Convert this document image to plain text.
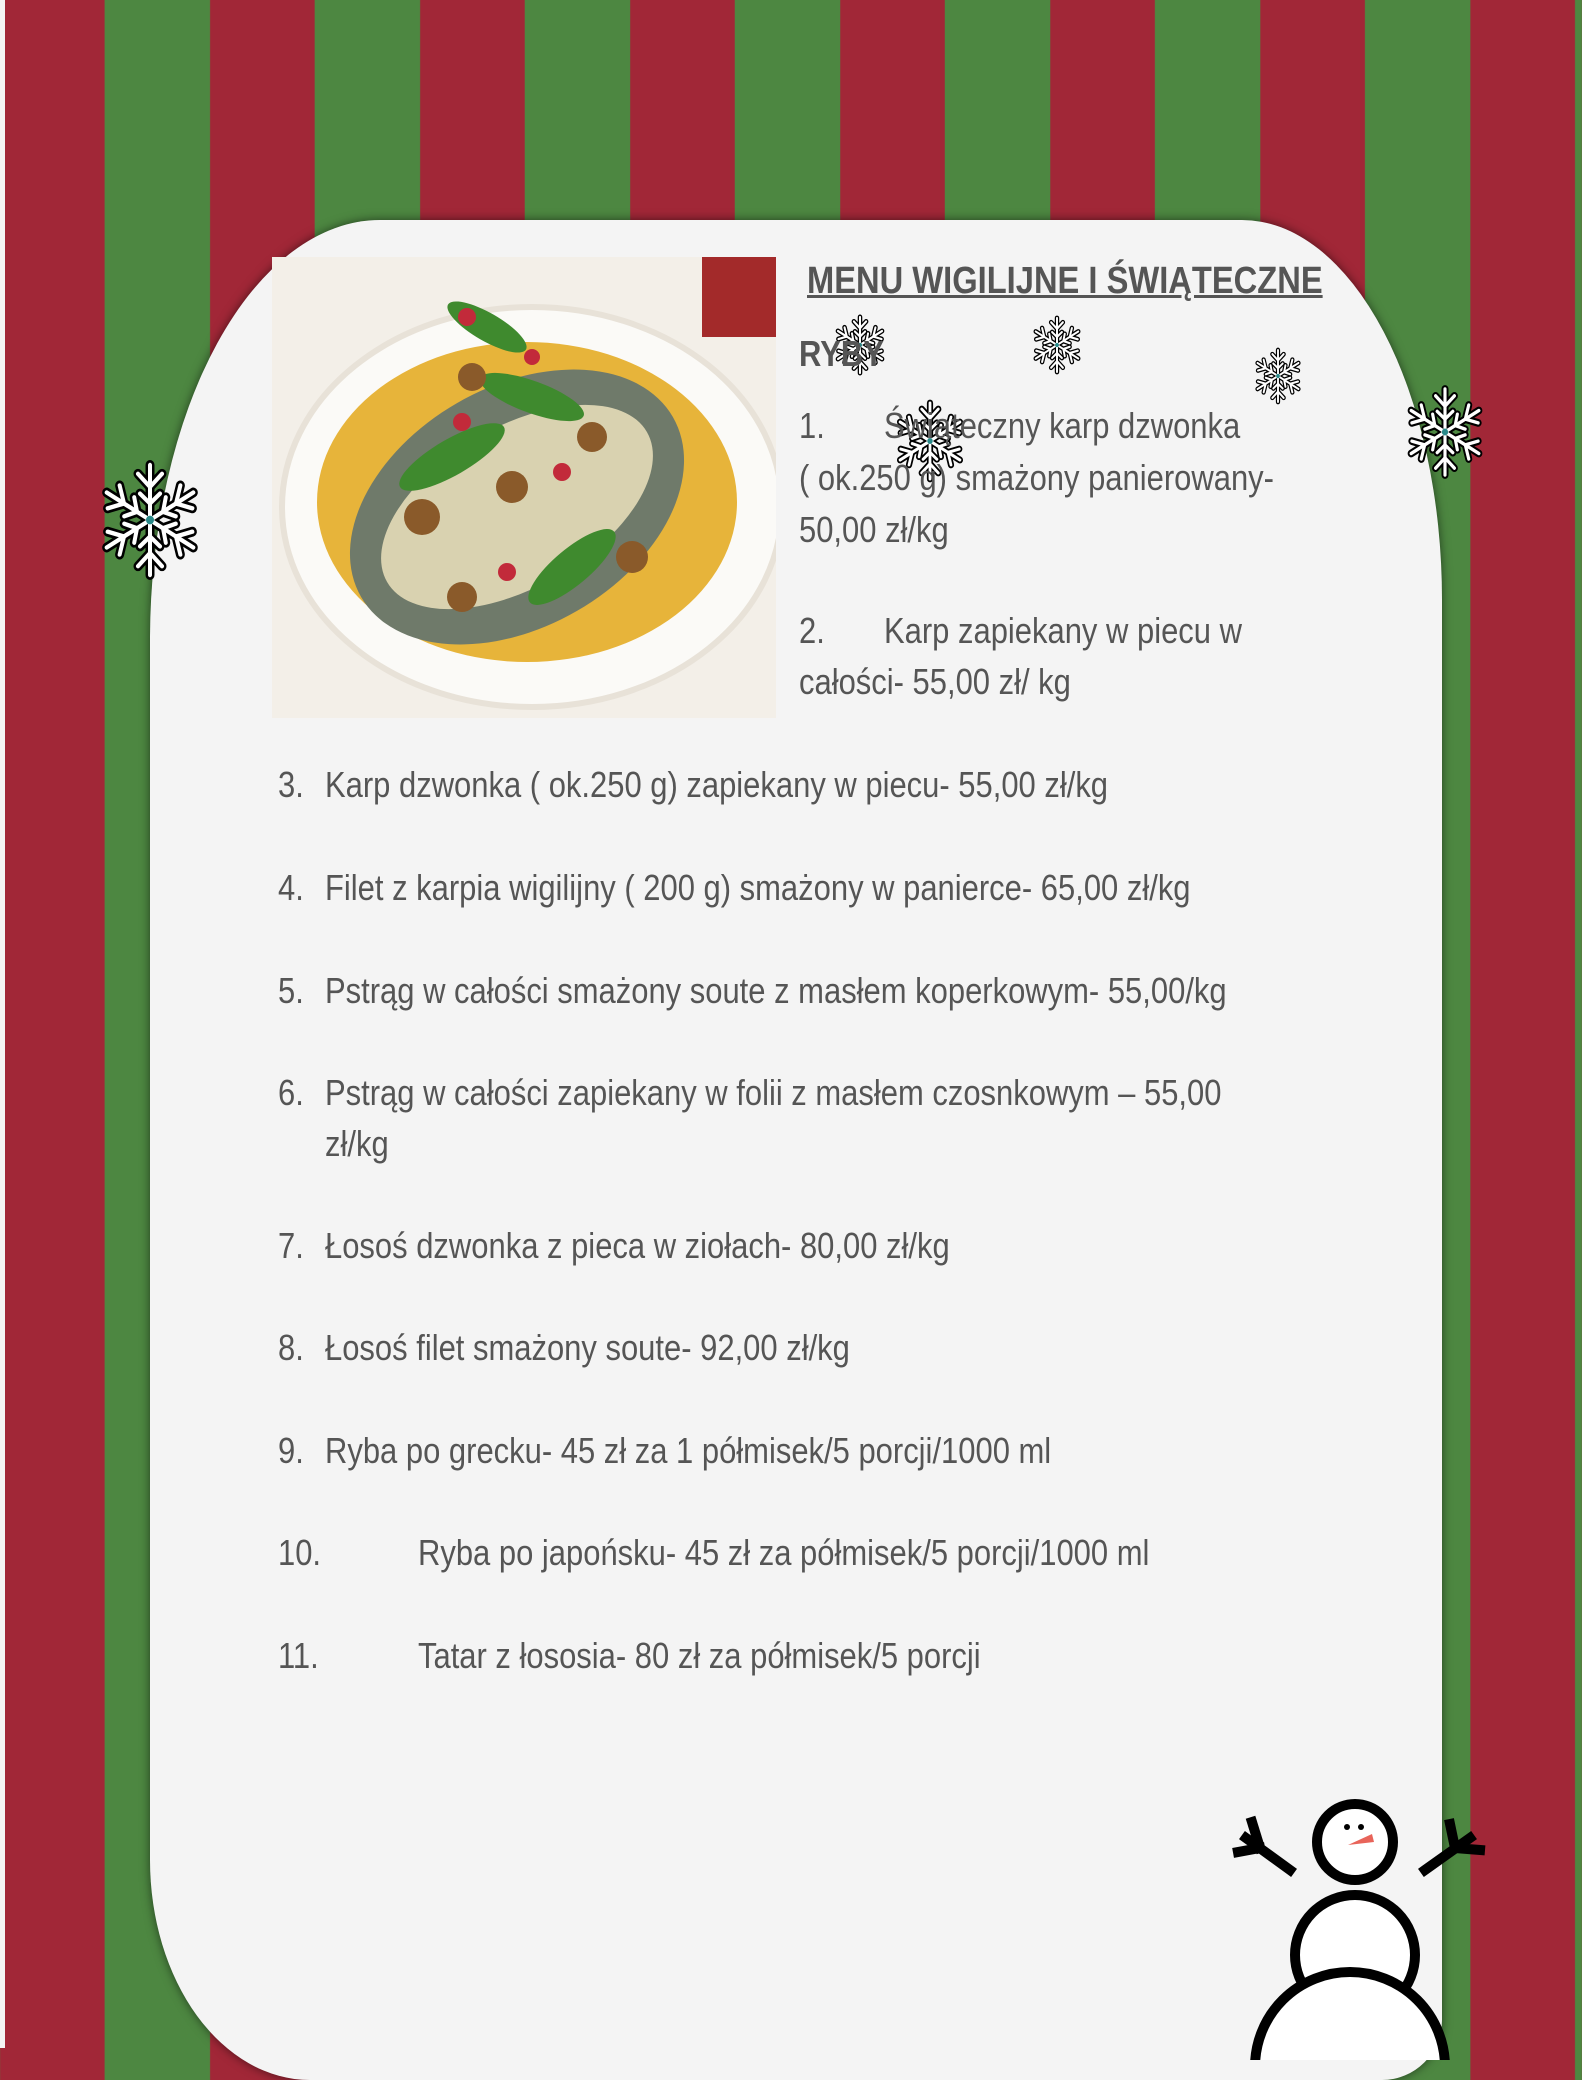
MENU WIGILIJNE I ŚWIĄTECZNE
RYBY
1. Świąteczny karp dzwonka
( ok.250 g) smażony panierowany-
50,00 zł/kg
2. Karp zapiekany w piecu w
całości- 55,00 zł/ kg
3. Karp dzwonka ( ok.250 g) zapiekany w piecu- 55,00 zł/kg
4. Filet z karpia wigilijny ( 200 g) smażony w panierce- 65,00 zł/kg
5. Pstrąg w całości smażony soute z masłem koperkowym- 55,00/kg
6. Pstrąg w całości zapiekany w folii z masłem czosnkowym – 55,00
zł/kg
7. Łosoś dzwonka z pieca w ziołach- 80,00 zł/kg
8. Łosoś filet smażony soute- 92,00 zł/kg
9. Ryba po grecku- 45 zł za 1 półmisek/5 porcji/1000 ml
10.	Ryba po japońsku- 45 zł za półmisek/5 porcji/1000 ml
11.	Tatar z łososia- 80 zł za półmisek/5 porcji
